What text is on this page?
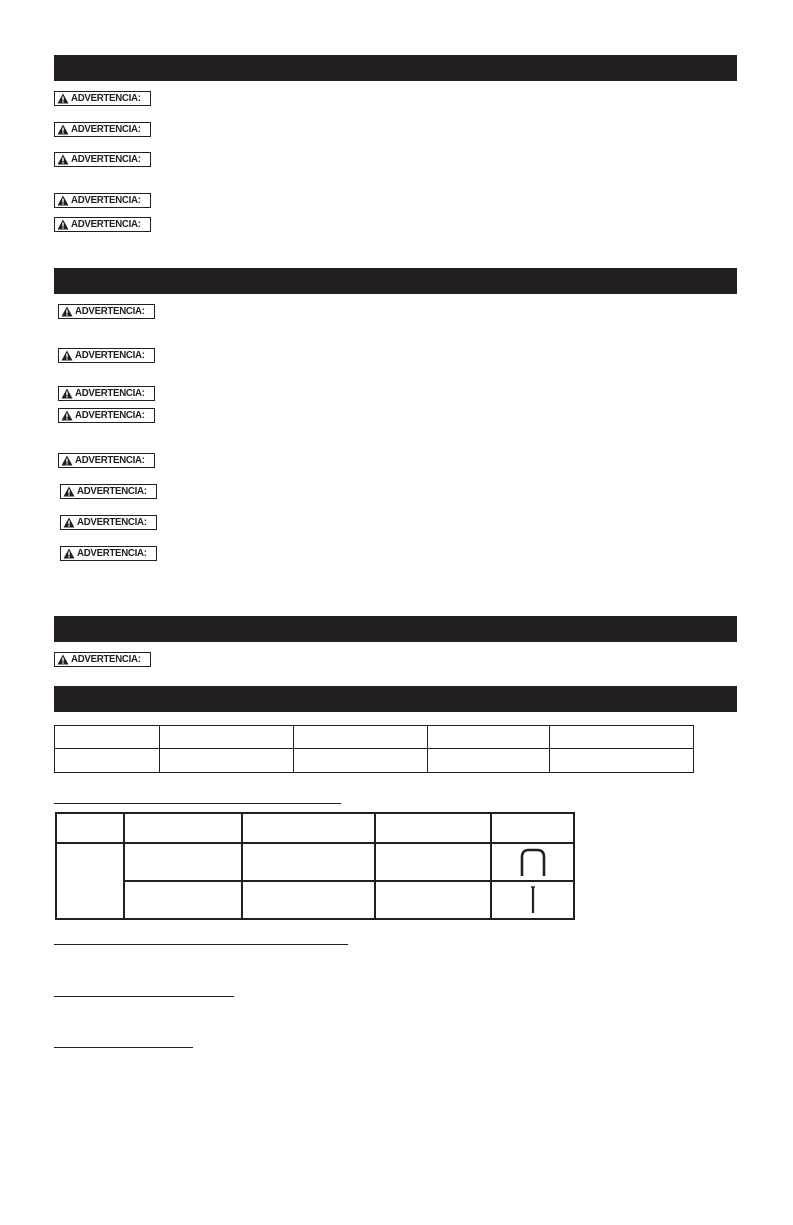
ADVERTENCIA:
ADVERTENCIA:
ADVERTENCIA:
ADVERTENCIA:
ADVERTENCIA:
ADVERTENCIA:
ADVERTENCIA:
ADVERTENCIA:
ADVERTENCIA:
ADVERTENCIA:
ADVERTENCIA:
ADVERTENCIA:
ADVERTENCIA:
ADVERTENCIA:
